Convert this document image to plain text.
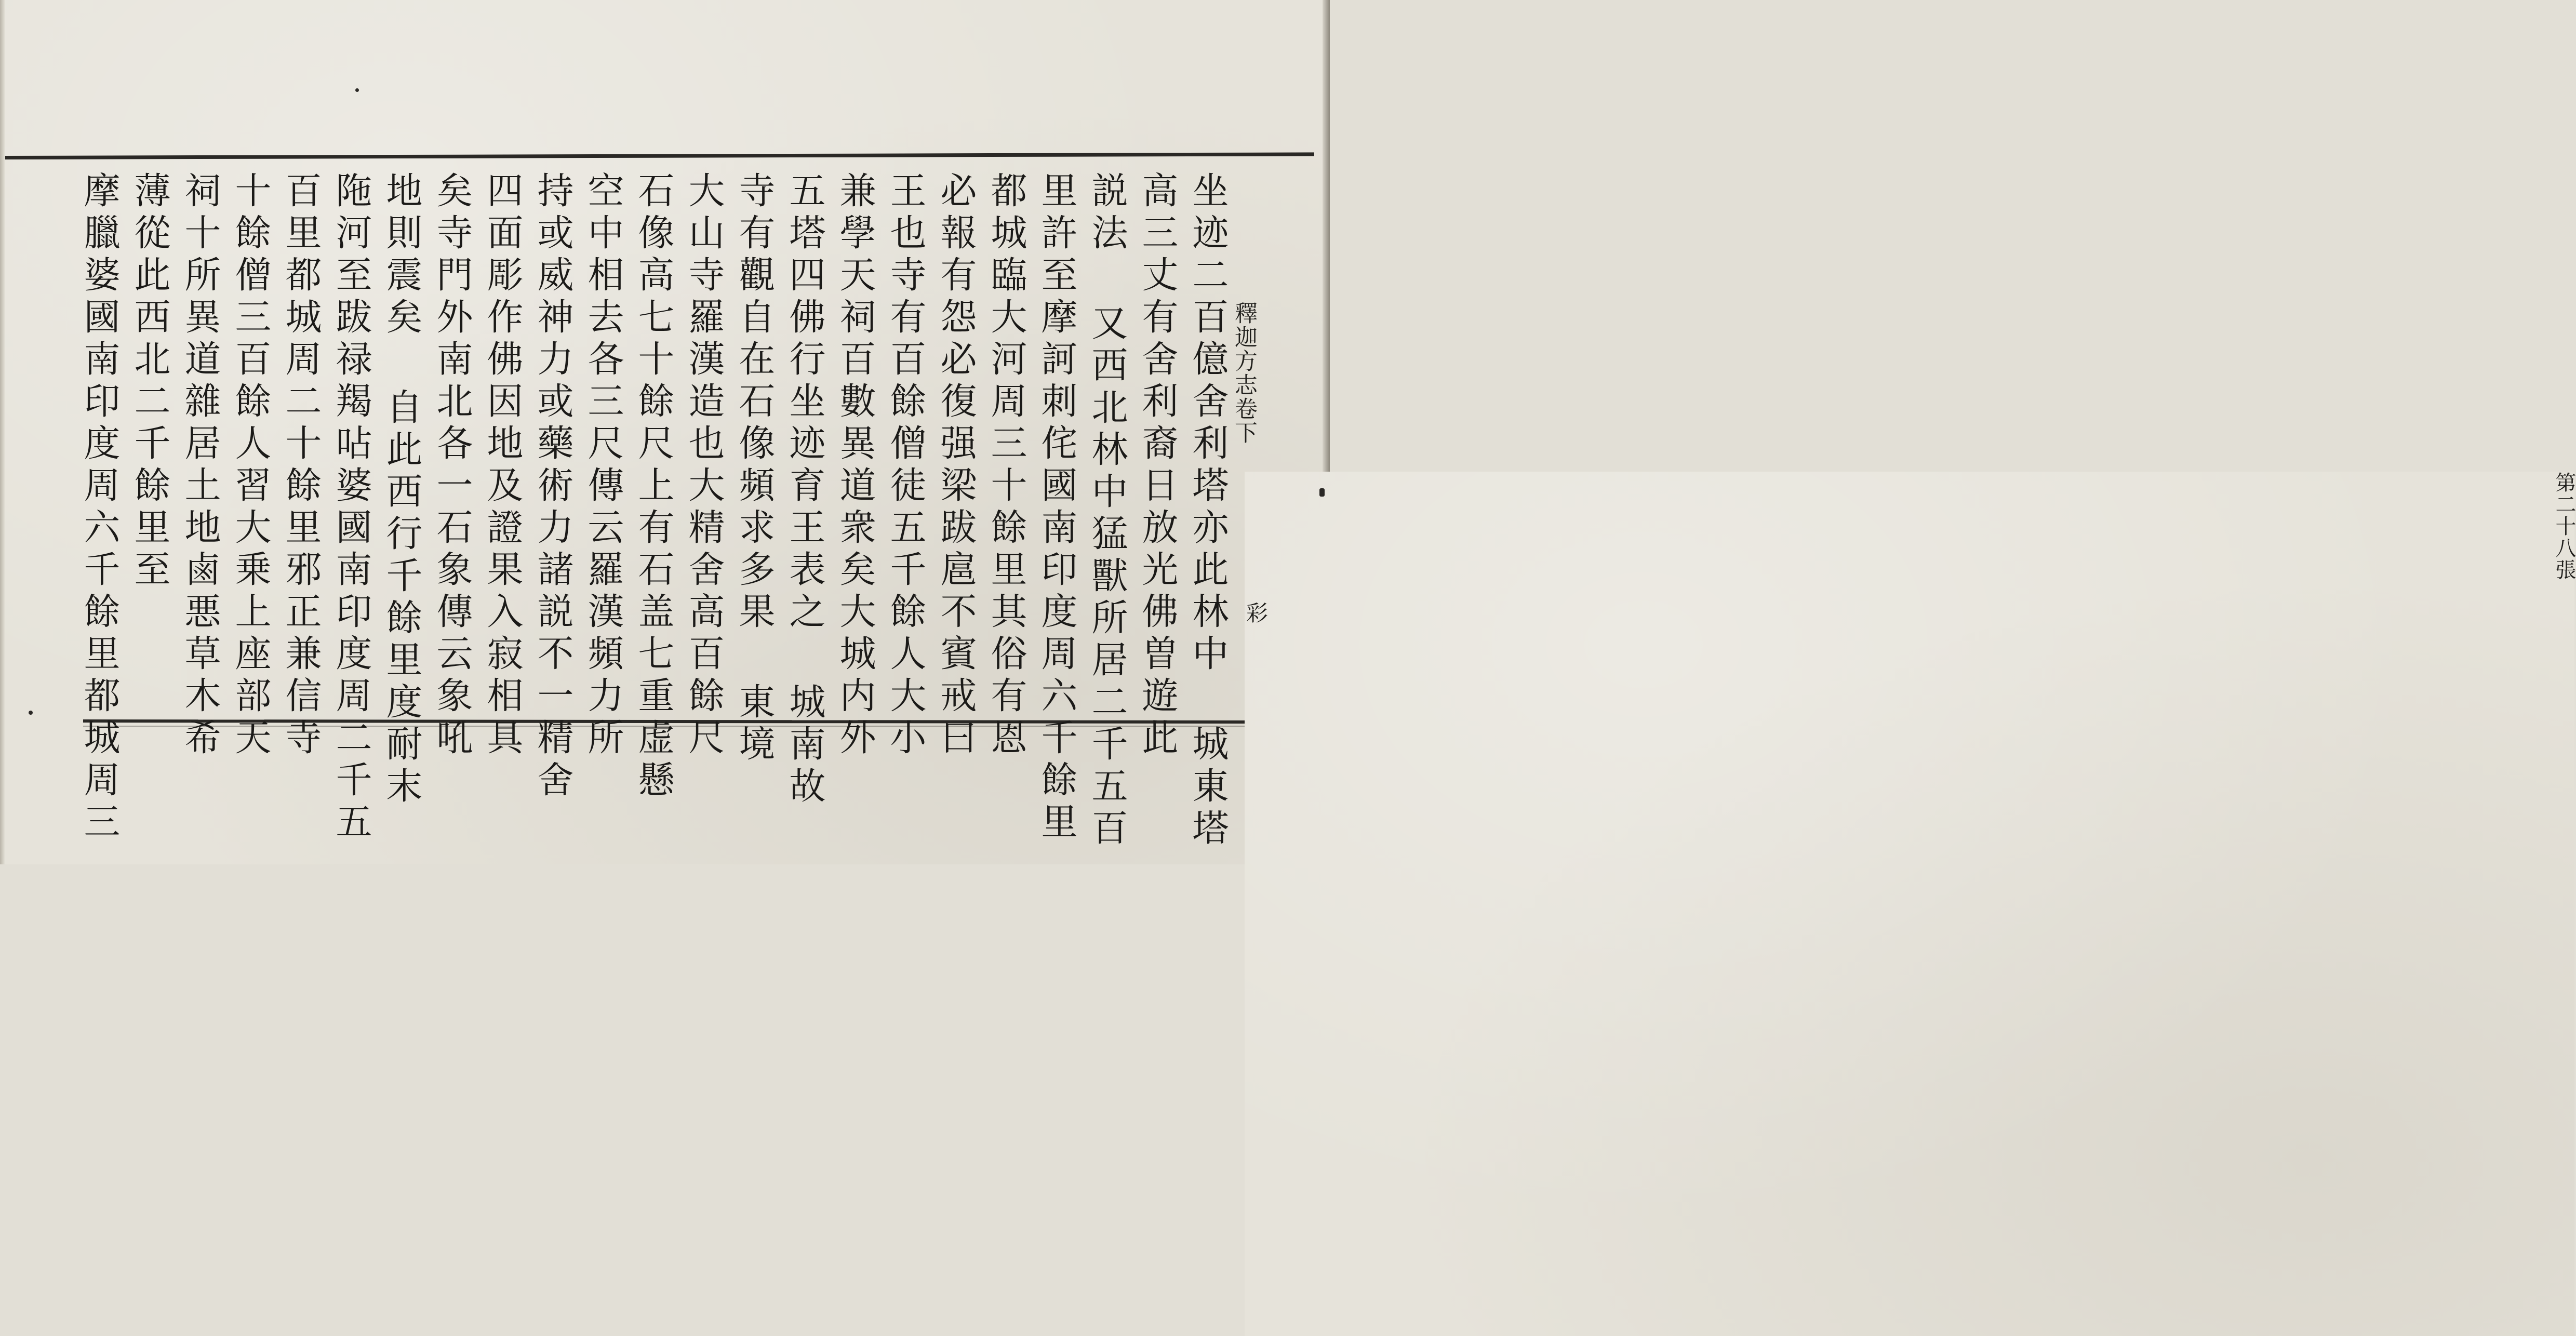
釋迦方志卷下
第二十八張
彩
坐迹二百億舍利塔亦此林中 城東塔
高三丈有舍利裔日放光佛曽遊此
説法 又西北林中猛獸所居二千五百
里許至摩訶刺侘國南印度周六千餘里
都城臨大河周三十餘里其俗有恩
必報有怨必復强梁跋扈不賓戒曰
王也寺有百餘僧徒五千餘人大小
兼學天祠百數異道衆矣大城内外
五塔四佛行坐迹育王表之 城南故
寺有觀自在石像頻求多果 東境
大山寺羅漢造也大精舍高百餘尺
石像高七十餘尺上有石盖七重虚懸
空中相去各三尺傳云羅漢頻力所
持或威神力或藥術力諸説不一精舍
四面彫作佛因地及證果入寂相具
矣寺門外南北各一石象傳云象吼
地則震矣 自此西行千餘里度耐末
陁河至跋禄羯呫婆國南印度周二千五
百里都城周二十餘里邪正兼信寺
十餘僧三百餘人習大乗上座部天
祠十所異道雜居土地鹵悪草木希
薄從此西北二千餘里至
摩臘婆國南印度周六千餘里都城周三
